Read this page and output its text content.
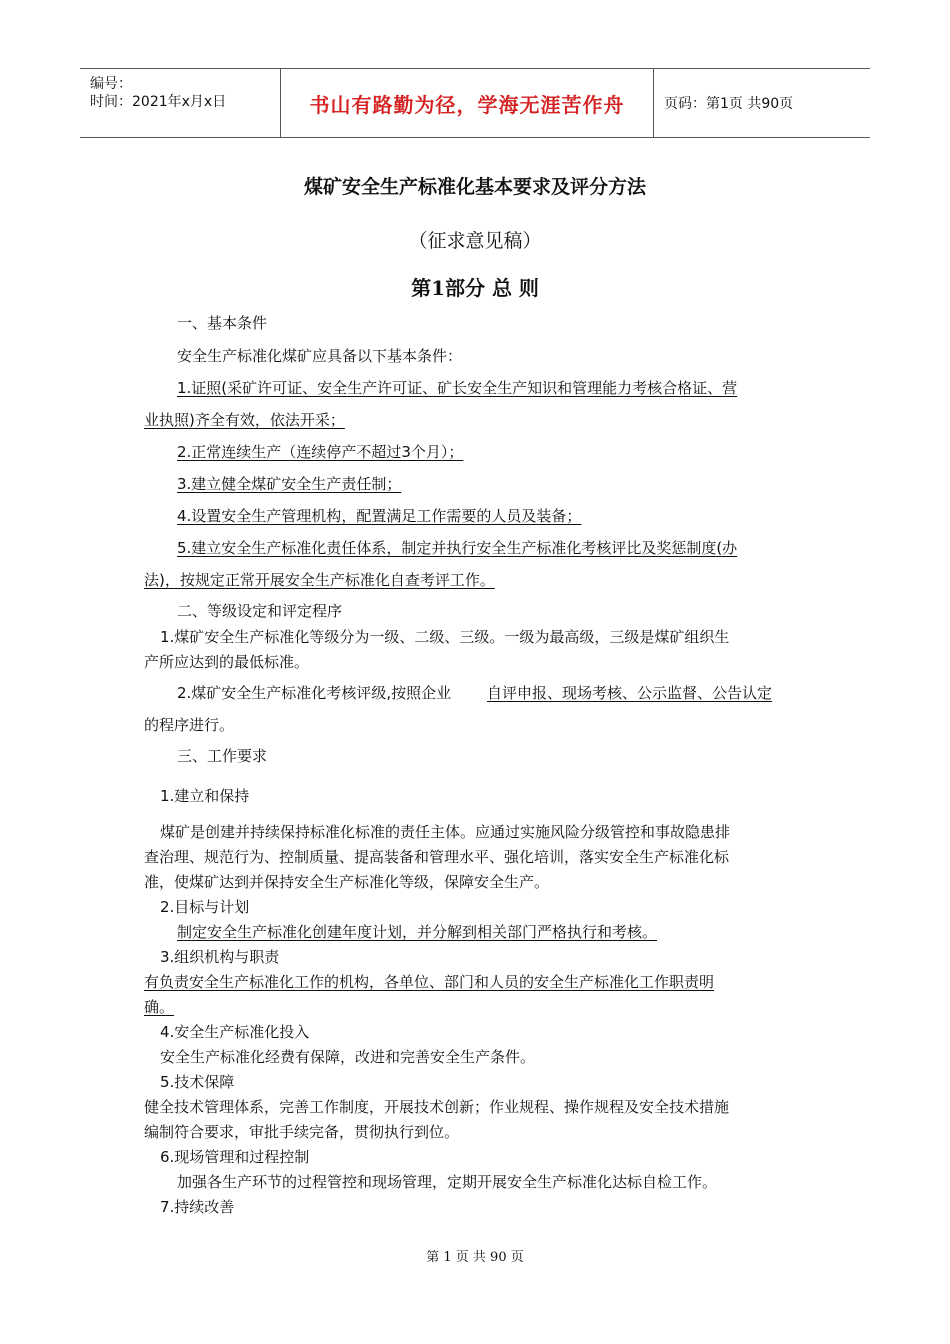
编号：
时间：2021年x月x日	书山有路勤为径，学海无涯苦作舟	页码：第1页 共90页
煤矿安全生产标准化基本要求及评分方法
（征求意见稿）
第1部分 总 则
一、基本条件
安全生产标准化煤矿应具备以下基本条件：
1.证照(采矿许可证、安全生产许可证、矿长安全生产知识和管理能力考核合格证、营
业执照)齐全有效，依法开采；
2.正常连续生产（连续停产不超过3个月）；
3.建立健全煤矿安全生产责任制；
4.设置安全生产管理机构，配置满足工作需要的人员及装备；
5.建立安全生产标准化责任体系，制定并执行安全生产标准化考核评比及奖惩制度(办
法)，按规定正常开展安全生产标准化自查考评工作。
二、等级设定和评定程序
1.煤矿安全生产标准化等级分为一级、二级、三级。一级为最高级，三级是煤矿组织生
产所应达到的最低标准。
2.煤矿安全生产标准化考核评级,按照企业 自评申报、现场考核、公示监督、公告认定
的程序进行。
三、工作要求
1.建立和保持
煤矿是创建并持续保持标准化标准的责任主体。应通过实施风险分级管控和事故隐患排
查治理、规范行为、控制质量、提高装备和管理水平、强化培训，落实安全生产标准化标
准，使煤矿达到并保持安全生产标准化等级，保障安全生产。
2.目标与计划
制定安全生产标准化创建年度计划，并分解到相关部门严格执行和考核。
3.组织机构与职责
有负责安全生产标准化工作的机构，各单位、部门和人员的安全生产标准化工作职责明
确。
4.安全生产标准化投入
安全生产标准化经费有保障，改进和完善安全生产条件。
5.技术保障
健全技术管理体系，完善工作制度，开展技术创新；作业规程、操作规程及安全技术措施
编制符合要求，审批手续完备，贯彻执行到位。
6.现场管理和过程控制
加强各生产环节的过程管控和现场管理，定期开展安全生产标准化达标自检工作。
7.持续改善
第 1 页 共 90 页
